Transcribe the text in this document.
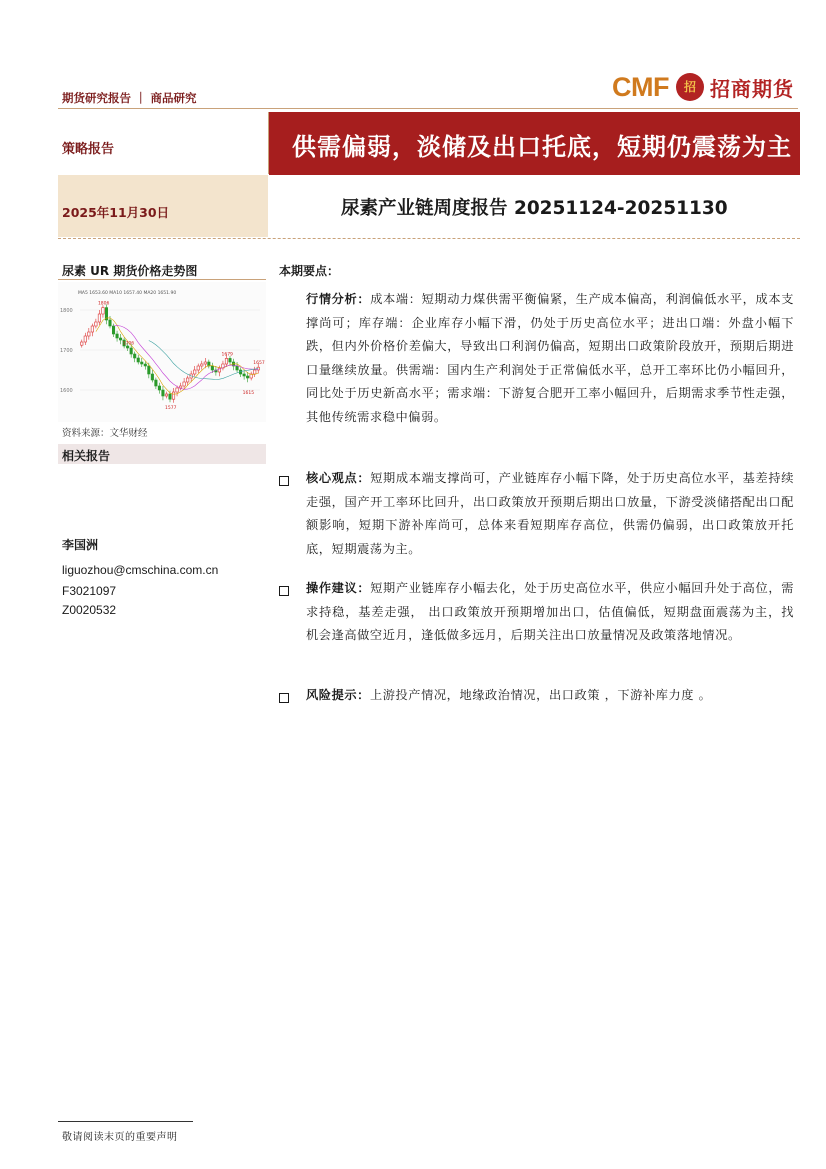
期货研究报告 ｜ 商品研究	CMF	招 招商期货
策略报告
2025年11月30日
供需偏弱，淡储及出口托底，短期仍震荡为主
尿素产业链周度报告 20251124-20251130
尿素 UR 期货价格走势图
MA5 1653.60 MA10 1657.40 MA20 1651.90
1800
1700
1600
1806
1706
1577
1679
1657
1615
资料来源：文华财经
相关报告
李国洲
liguozhou@cmschina.com.cn
F3021097
Z0020532
本期要点：
行情分析：成本端：短期动力煤供需平衡偏紧，生产成本偏高，利润偏低水平，成本支撑尚可；库存端：企业库存小幅下滑，仍处于历史高位水平；进出口端：外盘小幅下跌，但内外价格价差偏大，导致出口利润仍偏高，短期出口政策阶段放开，预期后期进口量继续放量。供需端：国内生产利润处于正常偏低水平，总开工率环比仍小幅回升，同比处于历史新高水平；需求端：下游复合肥开工率小幅回升，后期需求季节性走强，其他传统需求稳中偏弱。
核心观点：短期成本端支撑尚可，产业链库存小幅下降，处于历史高位水平，基差持续走强，国产开工率环比回升，出口政策放开预期后期出口放量，下游受淡储搭配出口配额影响，短期下游补库尚可，总体来看短期库存高位，供需仍偏弱，出口政策放开托底，短期震荡为主。
操作建议：短期产业链库存小幅去化，处于历史高位水平，供应小幅回升处于高位，需求持稳，基差走强， 出口政策放开预期增加出口，估值偏低，短期盘面震荡为主，找机会逢高做空近月，逢低做多远月，后期关注出口放量情况及政策落地情况。
风险提示：上游投产情况，地缘政治情况，出口政策 ，下游补库力度 。
敬请阅读末页的重要声明
